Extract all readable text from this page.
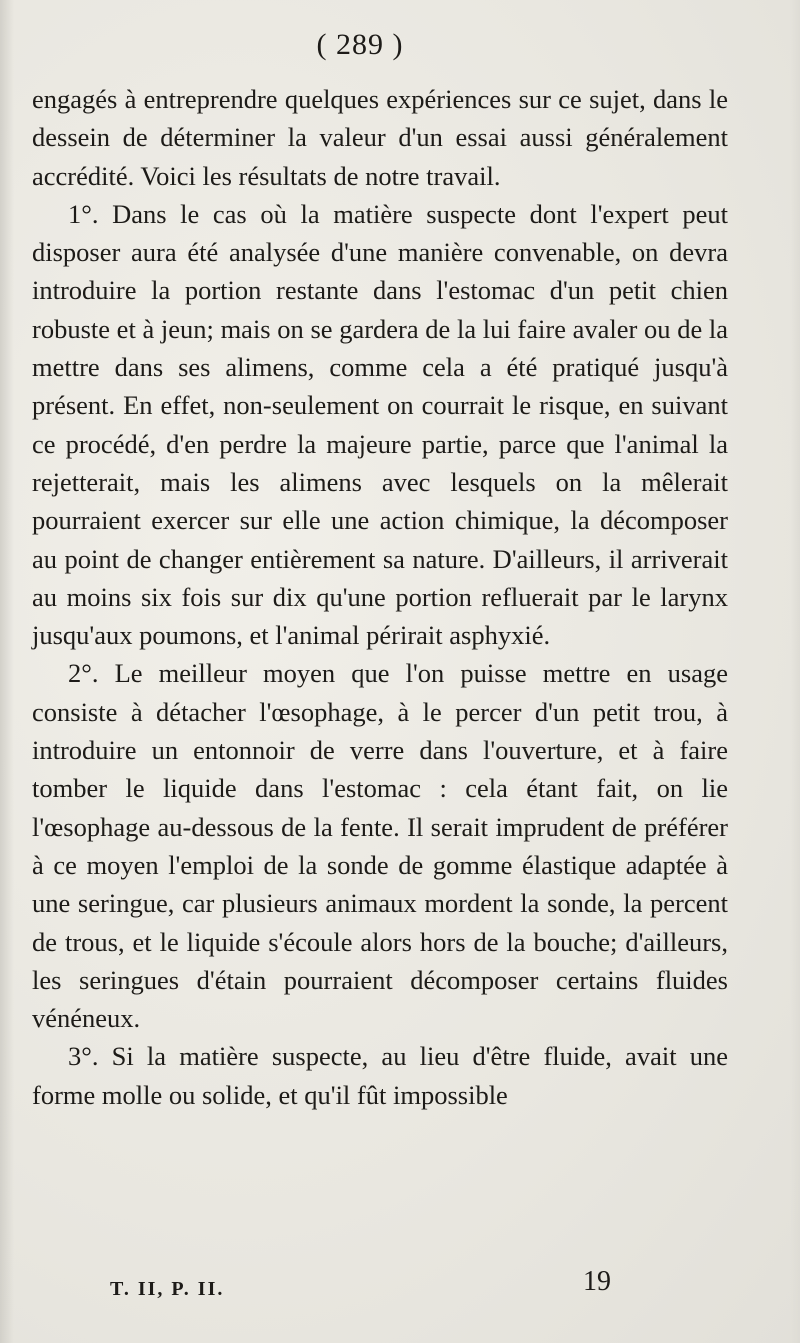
( 289 )

engagés à entreprendre quelques expériences sur ce sujet, dans le dessein de déterminer la valeur d'un essai aussi généralement accrédité. Voici les résultats de notre travail.

1°. Dans le cas où la matière suspecte dont l'expert peut disposer aura été analysée d'une manière convenable, on devra introduire la portion restante dans l'estomac d'un petit chien robuste et à jeun; mais on se gardera de la lui faire avaler ou de la mettre dans ses alimens, comme cela a été pratiqué jusqu'à présent. En effet, non-seulement on courrait le risque, en suivant ce procédé, d'en perdre la majeure partie, parce que l'animal la rejetterait, mais les alimens avec lesquels on la mêlerait pourraient exercer sur elle une action chimique, la décomposer au point de changer entièrement sa nature. D'ailleurs, il arriverait au moins six fois sur dix qu'une portion refluerait par le larynx jusqu'aux poumons, et l'animal périrait asphyxié.

2°. Le meilleur moyen que l'on puisse mettre en usage consiste à détacher l'œsophage, à le percer d'un petit trou, à introduire un entonnoir de verre dans l'ouverture, et à faire tomber le liquide dans l'estomac : cela étant fait, on lie l'œsophage au-dessous de la fente. Il serait imprudent de préférer à ce moyen l'emploi de la sonde de gomme élastique adaptée à une seringue, car plusieurs animaux mordent la sonde, la percent de trous, et le liquide s'écoule alors hors de la bouche; d'ailleurs, les seringues d'étain pourraient décomposer certains fluides vénéneux.

3°. Si la matière suspecte, au lieu d'être fluide, avait une forme molle ou solide, et qu'il fût impossible

T. II, P. II.	19
